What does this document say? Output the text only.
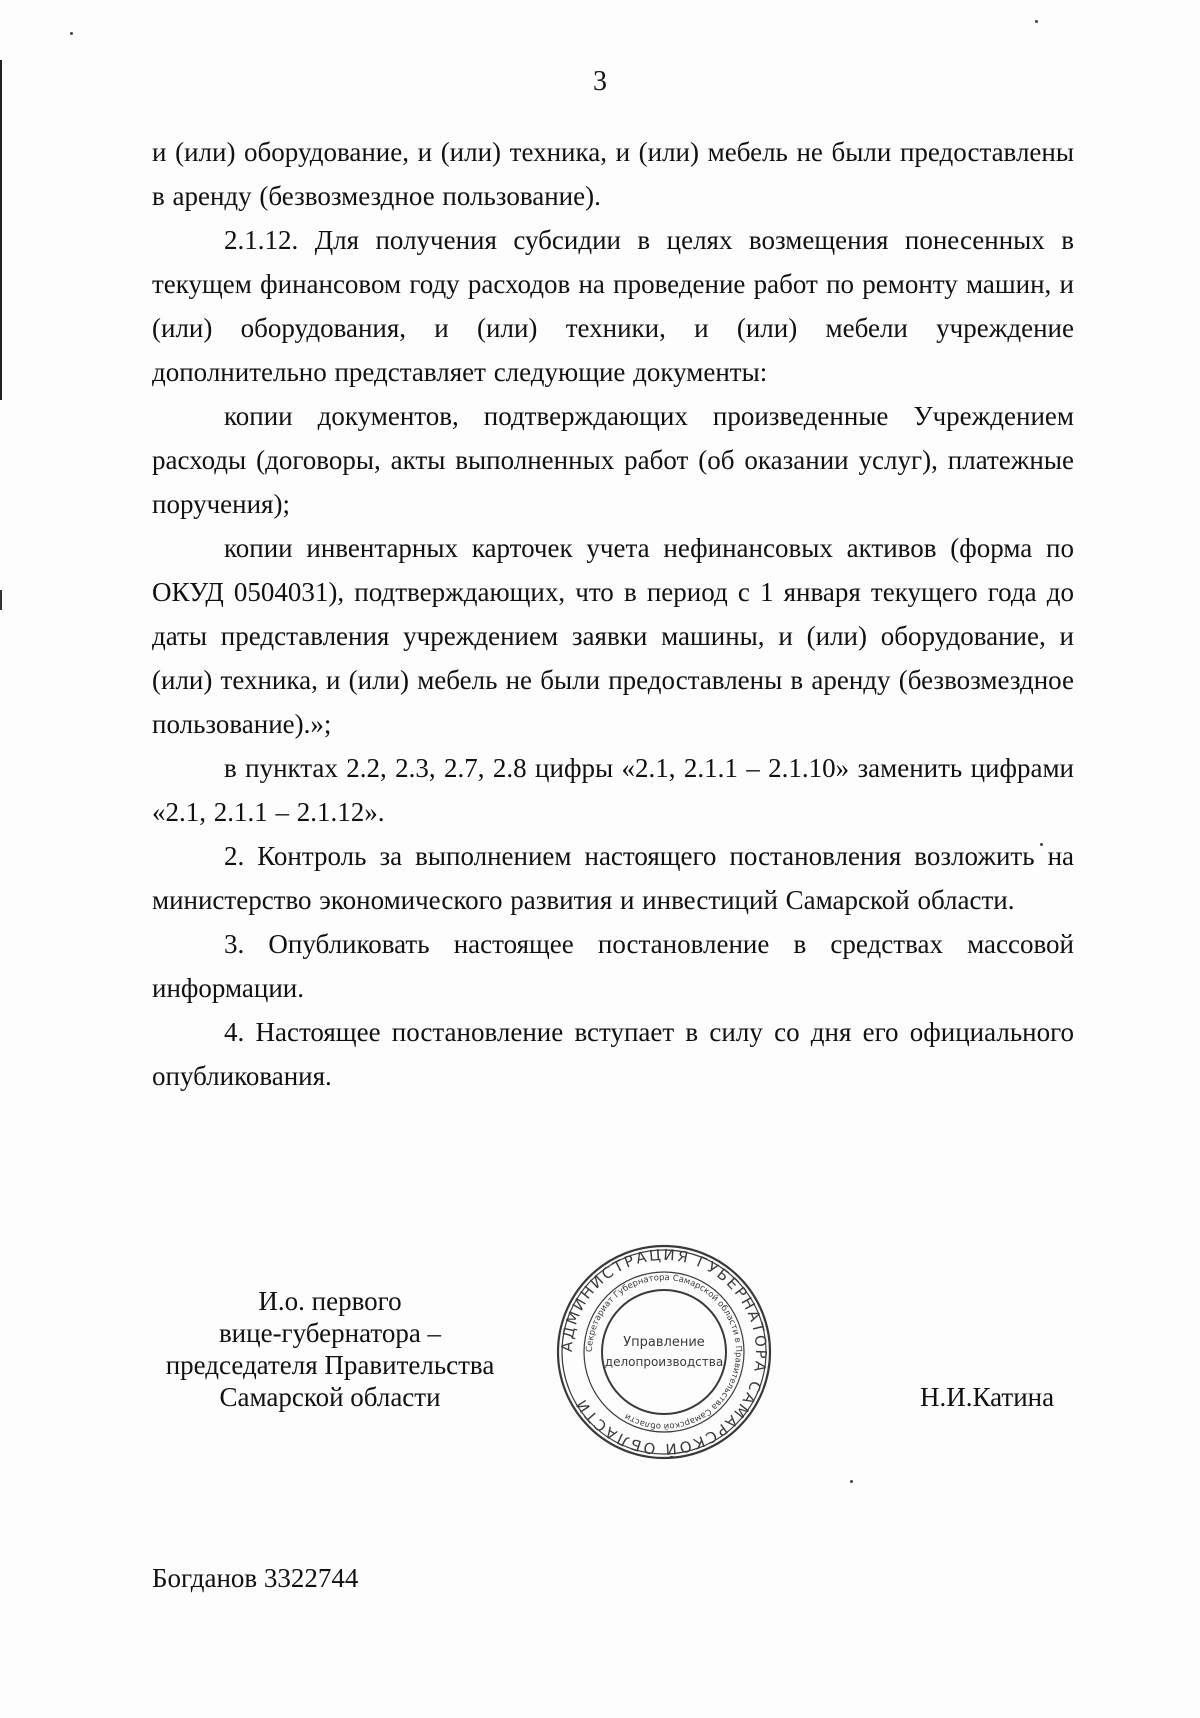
3

и (или) оборудование, и (или) техника, и (или) мебель не были предоставлены в аренду (безвозмездное пользование).

2.1.12. Для получения субсидии в целях возмещения понесенных в текущем финансовом году расходов на проведение работ по ремонту машин, и (или) оборудования, и (или) техники, и (или) мебели учреждение дополнительно представляет следующие документы:

копии документов, подтверждающих произведенные Учреждением расходы (договоры, акты выполненных работ (об оказании услуг), платежные поручения);

копии инвентарных карточек учета нефинансовых активов (форма по ОКУД 0504031), подтверждающих, что в период с 1 января текущего года до даты представления учреждением заявки машины, и (или) оборудование, и (или) техника, и (или) мебель не были предоставлены в аренду (безвозмездное пользование).»;

в пунктах 2.2, 2.3, 2.7, 2.8 цифры «2.1, 2.1.1 – 2.1.10» заменить цифрами «2.1, 2.1.1 – 2.1.12».

2. Контроль за выполнением настоящего постановления возложить на министерство экономического развития и инвестиций Самарской области.

3. Опубликовать настоящее постановление в средствах массовой информации.

4. Настоящее постановление вступает в силу со дня его официального опубликования.

И.о. первого
вице-губернатора –
председателя Правительства
Самарской области
АДМИНИСТРАЦИЯ ГУБЕРНАТОРА САМАРСКОЙ ОБЛАСТИ
Секретариат Губернатора Самарской области в Правительства Самарской области
Управление
делопроизводства
Н.И.Катина
Богданов 3322744
